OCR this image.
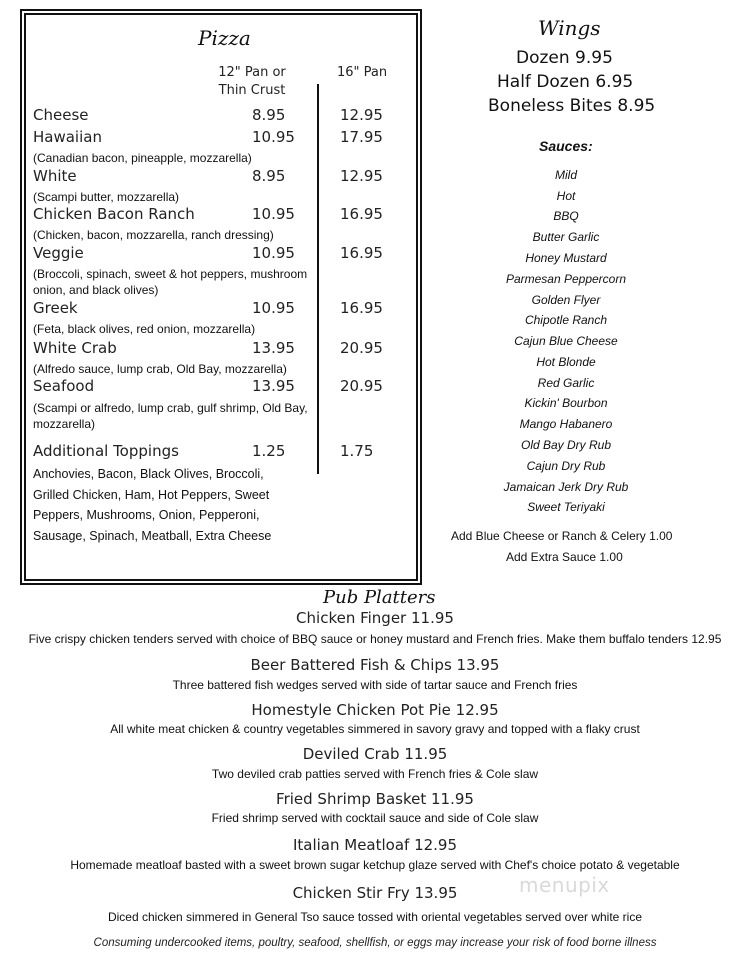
Pizza
12" Pan or
Thin Crust
16" Pan
Cheese	8.95	12.95
Hawaiian	10.95	17.95
(Canadian bacon, pineapple, mozzarella)
White	8.95	12.95
(Scampi butter, mozzarella)
Chicken Bacon Ranch	10.95	16.95
(Chicken, bacon, mozzarella, ranch dressing)
Veggie	10.95	16.95
(Broccoli, spinach, sweet & hot peppers, mushroom onion, and black olives)
Greek	10.95	16.95
(Feta, black olives, red onion, mozzarella)
White Crab	13.95	20.95
(Alfredo sauce, lump crab, Old Bay, mozzarella)
Seafood	13.95	20.95
(Scampi or alfredo, lump crab, gulf shrimp, Old Bay, mozzarella)
Additional Toppings	1.25	1.75
Anchovies, Bacon, Black Olives, Broccoli, Grilled Chicken, Ham, Hot Peppers, Sweet Peppers, Mushrooms, Onion, Pepperoni, Sausage, Spinach, Meatball, Extra Cheese
Wings
Dozen 9.95
Half Dozen 6.95
Boneless Bites 8.95
Sauces:
Mild
Hot
BBQ
Butter Garlic
Honey Mustard
Parmesan Peppercorn
Golden Flyer
Chipotle Ranch
Cajun Blue Cheese
Hot Blonde
Red Garlic
Kickin' Bourbon
Mango Habanero
Old Bay Dry Rub
Cajun Dry Rub
Jamaican Jerk Dry Rub
Sweet Teriyaki
Add Blue Cheese or Ranch & Celery 1.00
Add Extra Sauce 1.00
Pub Platters
Chicken Finger 11.95
Five crispy chicken tenders served with choice of BBQ sauce or honey mustard and French fries. Make them buffalo tenders 12.95
Beer Battered Fish & Chips 13.95
Three battered fish wedges served with side of tartar sauce and French fries
Homestyle Chicken Pot Pie 12.95
All white meat chicken & country vegetables simmered in savory gravy and topped with a flaky crust
Deviled Crab 11.95
Two deviled crab patties served with French fries & Cole slaw
Fried Shrimp Basket 11.95
Fried shrimp served with cocktail sauce and side of Cole slaw
Italian Meatloaf 12.95
Homemade meatloaf basted with a sweet brown sugar ketchup glaze served with Chef's choice potato & vegetable
Chicken Stir Fry 13.95	menupix
Diced chicken simmered in General Tso sauce tossed with oriental vegetables served over white rice
Consuming undercooked items, poultry, seafood, shellfish, or eggs may increase your risk of food borne illness
